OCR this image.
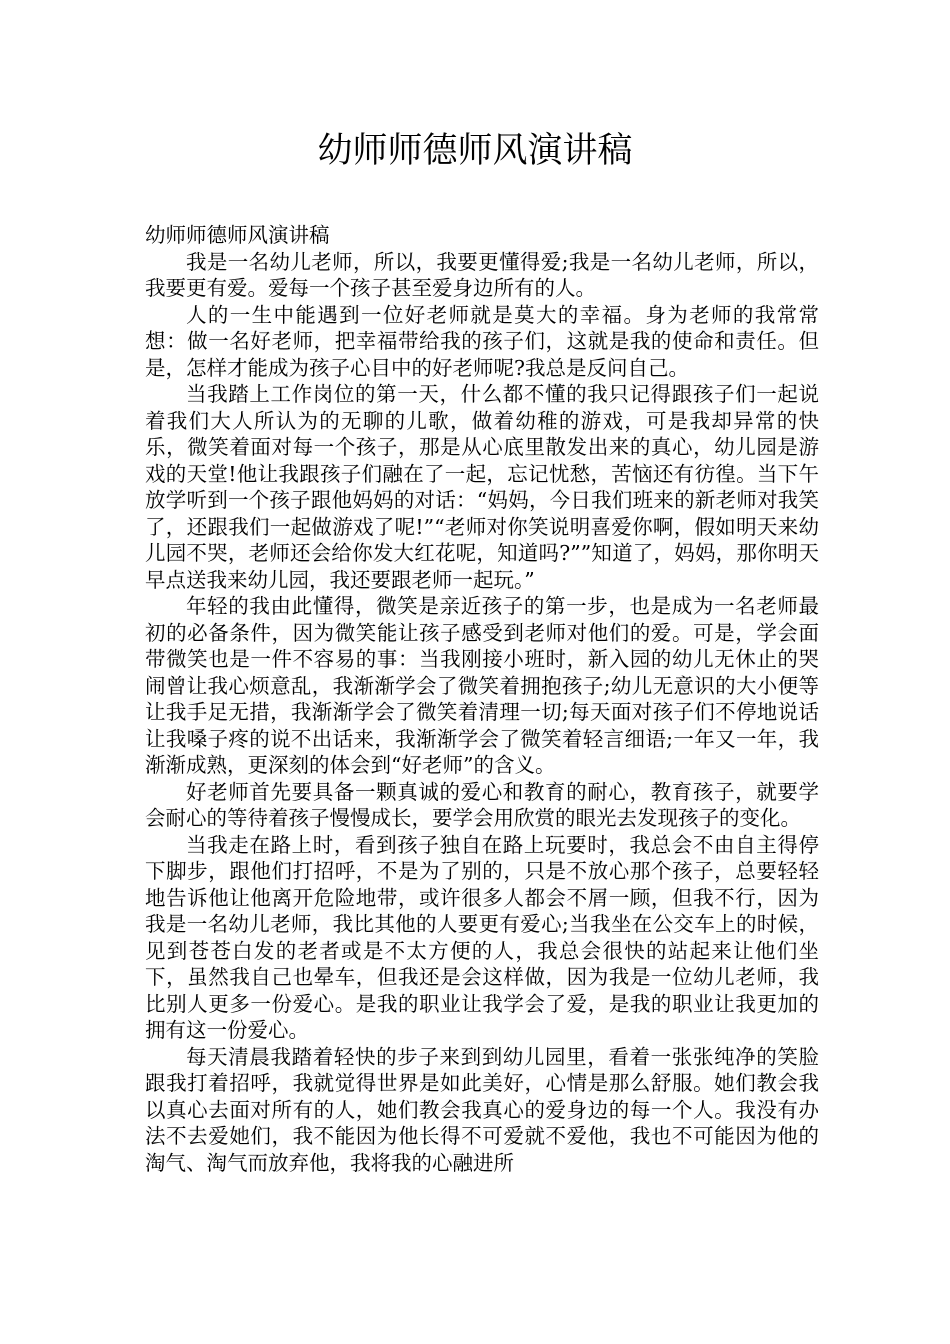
幼师师德师风演讲稿

幼师师德师风演讲稿

我是一名幼儿老师，所以，我要更懂得爱;我是一名幼儿老师，所以，我要更有爱。爱每一个孩子甚至爱身边所有的人。

人的一生中能遇到一位好老师就是莫大的幸福。身为老师的我常常想：做一名好老师，把幸福带给我的孩子们，这就是我的使命和责任。但是，怎样才能成为孩子心目中的好老师呢?我总是反问自己。

当我踏上工作岗位的第一天，什么都不懂的我只记得跟孩子们一起说着我们大人所认为的无聊的儿歌，做着幼稚的游戏，可是我却异常的快乐，微笑着面对每一个孩子，那是从心底里散发出来的真心，幼儿园是游戏的天堂!他让我跟孩子们融在了一起，忘记忧愁，苦恼还有彷徨。当下午放学听到一个孩子跟他妈妈的对话：“妈妈，今日我们班来的新老师对我笑了，还跟我们一起做游戏了呢!”“老师对你笑说明喜爱你啊，假如明天来幼儿园不哭，老师还会给你发大红花呢，知道吗?””知道了，妈妈，那你明天早点送我来幼儿园，我还要跟老师一起玩。”

年轻的我由此懂得，微笑是亲近孩子的第一步，也是成为一名老师最初的必备条件，因为微笑能让孩子感受到老师对他们的爱。可是，学会面带微笑也是一件不容易的事：当我刚接小班时，新入园的幼儿无休止的哭闹曾让我心烦意乱，我渐渐学会了微笑着拥抱孩子;幼儿无意识的大小便等让我手足无措，我渐渐学会了微笑着清理一切;每天面对孩子们不停地说话让我嗓子疼的说不出话来，我渐渐学会了微笑着轻言细语;一年又一年，我渐渐成熟，更深刻的体会到“好老师”的含义。

好老师首先要具备一颗真诚的爱心和教育的耐心，教育孩子，就要学会耐心的等待着孩子慢慢成长，要学会用欣赏的眼光去发现孩子的变化。

当我走在路上时，看到孩子独自在路上玩要时，我总会不由自主得停下脚步，跟他们打招呼，不是为了别的，只是不放心那个孩子，总要轻轻地告诉他让他离开危险地带，或许很多人都会不屑一顾，但我不行，因为我是一名幼儿老师，我比其他的人要更有爱心;当我坐在公交车上的时候，见到苍苍白发的老者或是不太方便的人，我总会很快的站起来让他们坐下，虽然我自己也晕车，但我还是会这样做，因为我是一位幼儿老师，我比别人更多一份爱心。是我的职业让我学会了爱，是我的职业让我更加的拥有这一份爱心。

每天清晨我踏着轻快的步子来到到幼儿园里，看着一张张纯净的笑脸跟我打着招呼，我就觉得世界是如此美好，心情是那么舒服。她们教会我以真心去面对所有的人，她们教会我真心的爱身边的每一个人。我没有办法不去爱她们，我不能因为他长得不可爱就不爱他，我也不可能因为他的淘气、淘气而放弃他，我将我的心融进所
